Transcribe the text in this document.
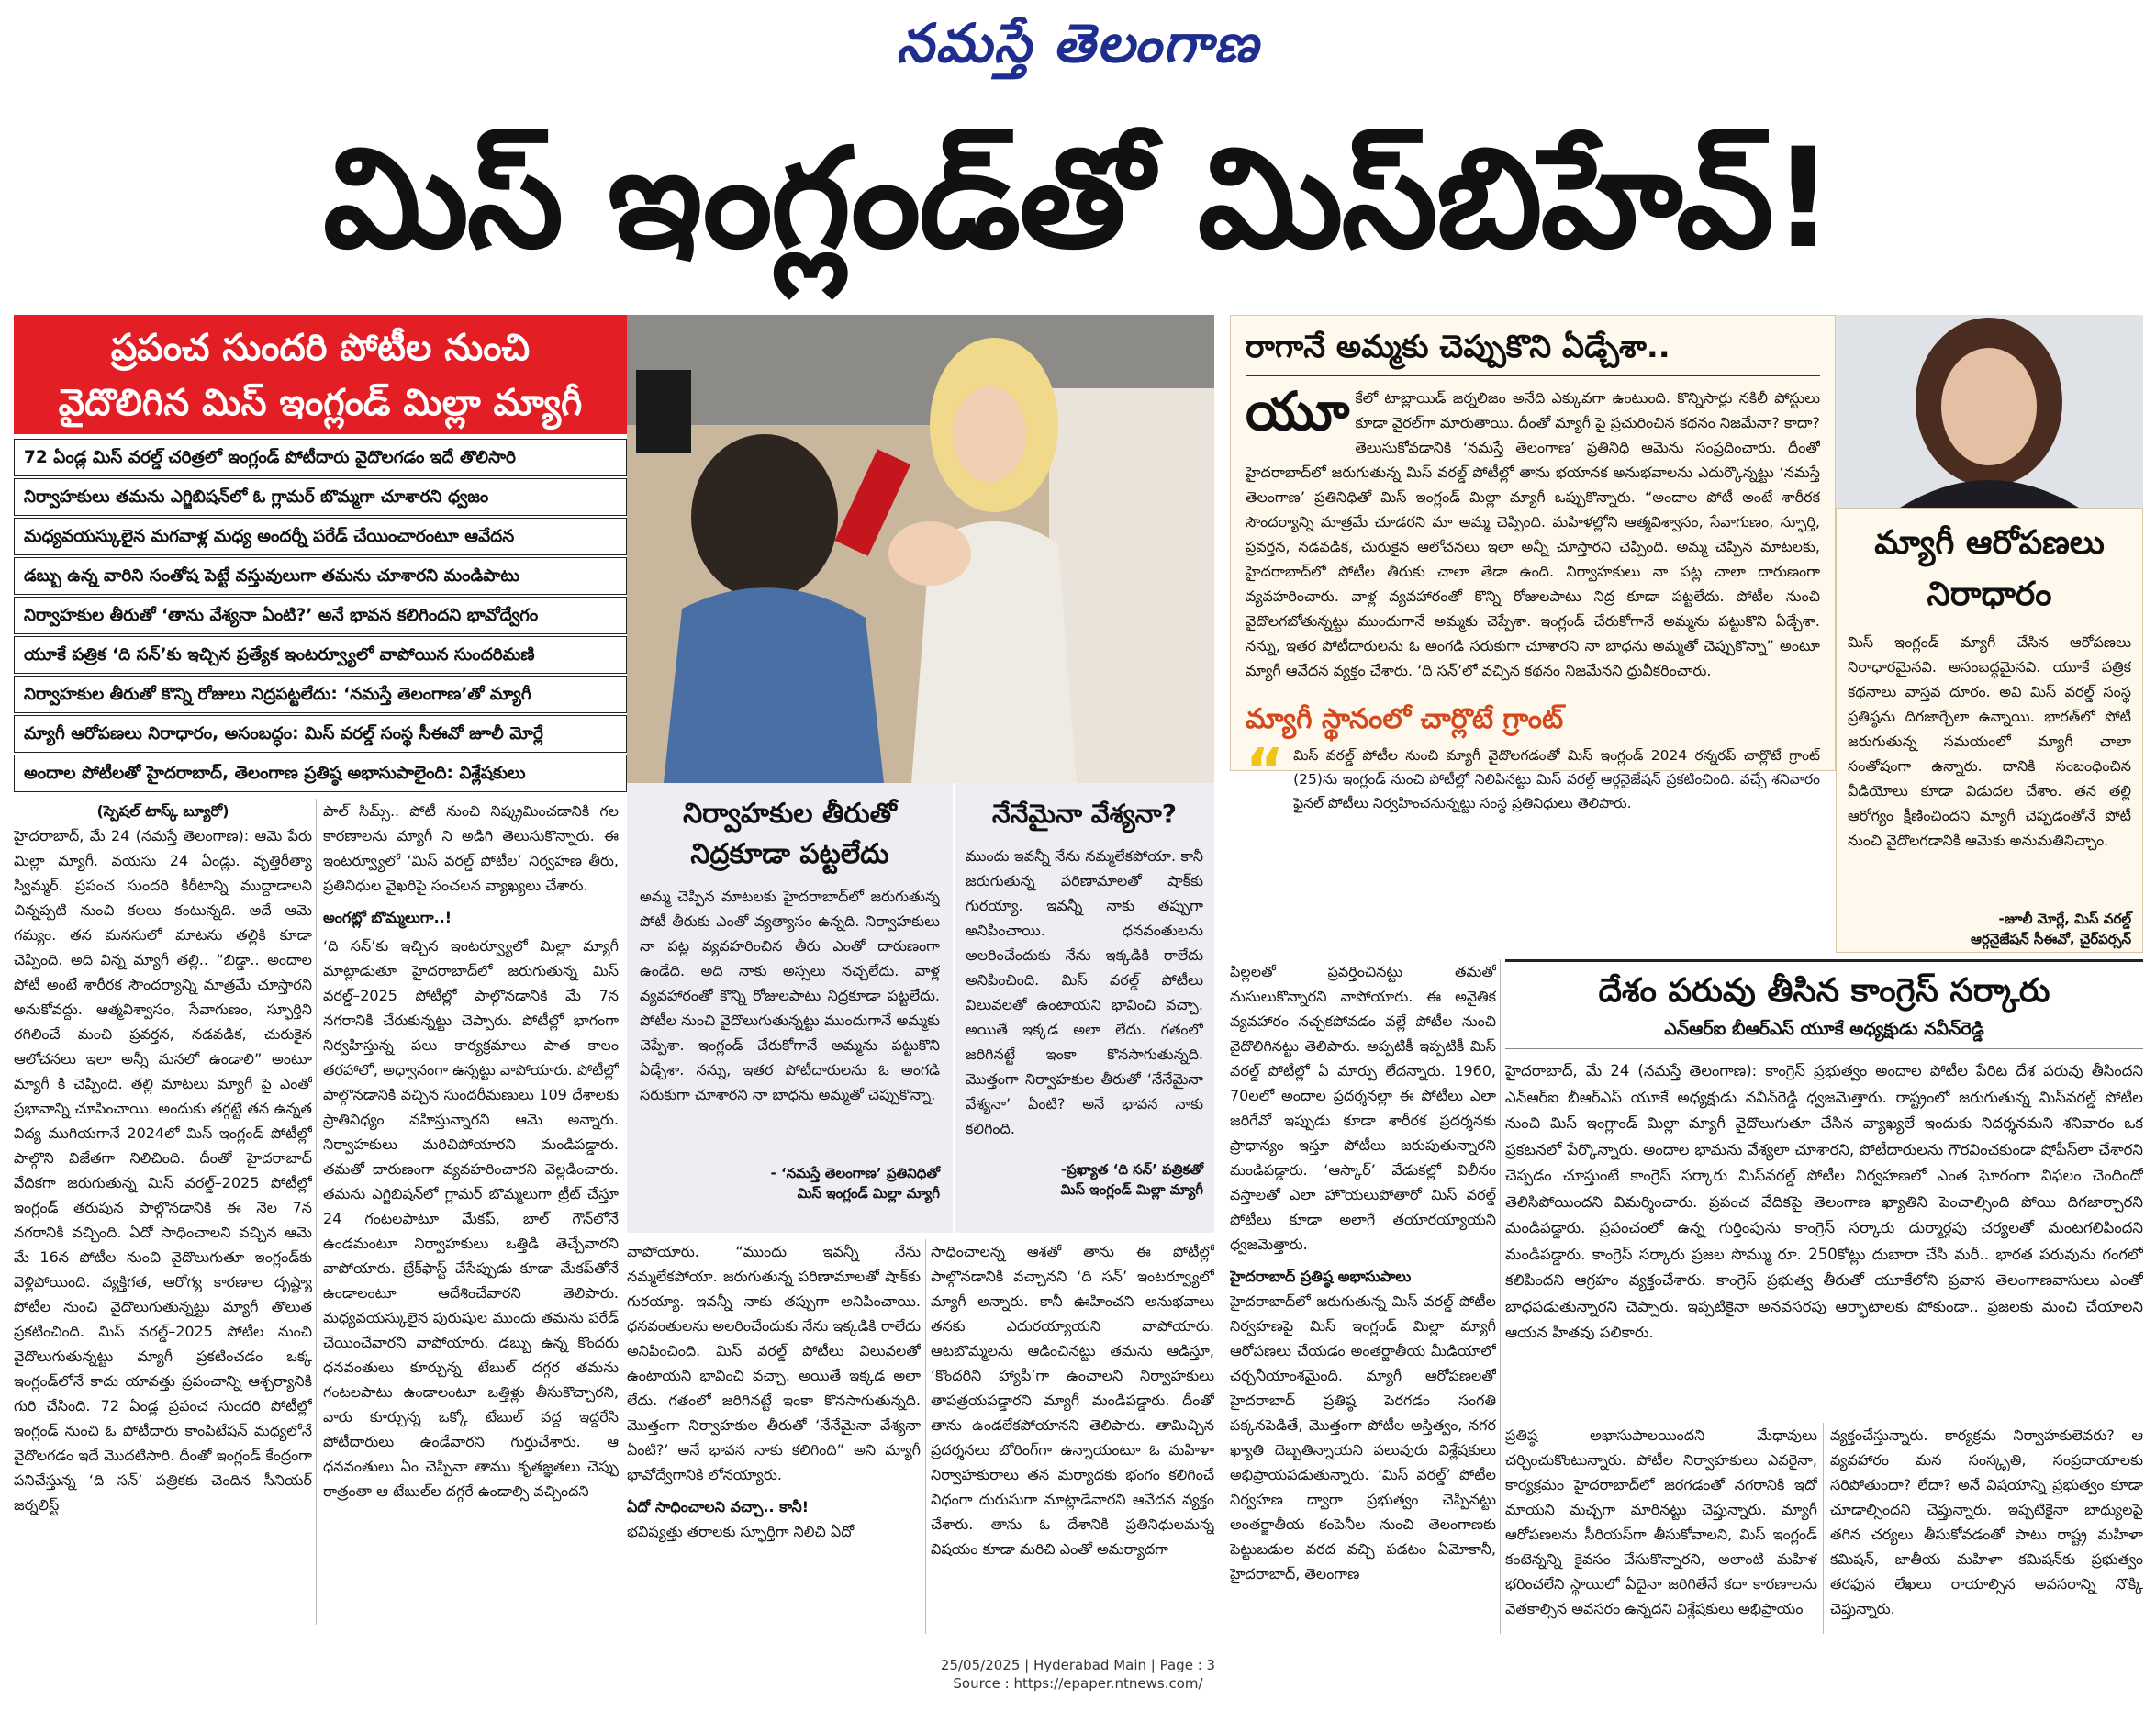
నమస్తే తెలంగాణ
మిస్ ఇంగ్లండ్‌తో మిస్‌బిహేవ్!
ప్రపంచ సుందరి పోటీల నుంచి
వైదొలిగిన మిస్ ఇంగ్లండ్ మిల్లా మ్యాగీ
72 ఏండ్ల మిస్ వరల్డ్ చరిత్రలో ఇంగ్లండ్ పోటీదారు వైదొలగడం ఇదే తొలిసారి
నిర్వాహకులు తమను ఎగ్జిబిషన్‌లో ఓ గ్లామర్ బొమ్మగా చూశారని ధ్వజం
మధ్యవయస్కులైన మగవాళ్ల మధ్య అందర్నీ పరేడ్ చేయించారంటూ ఆవేదన
డబ్బు ఉన్న వారిని సంతోష పెట్టే వస్తువులుగా తమను చూశారని మండిపాటు
నిర్వాహకుల తీరుతో ‘తాను వేశ్యనా ఏంటి?’ అనే భావన కలిగిందని భావోద్వేగం
యూకే పత్రిక ‘ది సన్’కు ఇచ్చిన ప్రత్యేక ఇంటర్వ్యూలో వాపోయిన సుందరిమణి
నిర్వాహకుల తీరుతో కొన్ని రోజులు నిద్రపట్టలేదు: ‘నమస్తే తెలంగాణ’తో మ్యాగీ
మ్యాగీ ఆరోపణలు నిరాధారం, అసంబద్ధం: మిస్ వరల్డ్ సంస్థ సీఈవో జూలీ మోర్లే
అందాల పోటీలతో హైదరాబాద్, తెలంగాణ ప్రతిష్ఠ అభాసుపాలైంది: విశ్లేషకులు

(స్పెషల్ టాస్క్ బ్యూరో)

హైదరాబాద్, మే 24 (నమస్తే తెలంగాణ): ఆమె పేరు మిల్లా మ్యాగీ. వయసు 24 ఏండ్లు. వృత్తిరీత్యా స్విమ్మర్. ప్రపంచ సుందరి కిరీటాన్ని ముద్దాడాలని చిన్నప్పటి నుంచి కలలు కంటున్నది. అదే ఆమె గమ్యం. తన మనసులో మాటను తల్లికి కూడా చెప్పింది. అది విన్న మ్యాగీ తల్లి.. “బిడ్డా.. అందాల పోటీ అంటే శారీరక సౌందర్యాన్ని మాత్రమే చూస్తారని అనుకోవద్దు. ఆత్మవిశ్వాసం, సేవాగుణం, స్ఫూర్తిని రగిలించే మంచి ప్రవర్తన, నడవడిక, చురుకైన ఆలోచనలు ఇలా అన్నీ మనలో ఉండాలి” అంటూ మ్యాగీ కి చెప్పింది. తల్లి మాటలు మ్యాగీ పై ఎంతో ప్రభావాన్ని చూపించాయి. అందుకు తగ్గట్టే తన ఉన్నత విద్య ముగియగానే 2024లో మిస్ ఇంగ్లండ్ పోటీల్లో పాల్గొని విజేతగా నిలిచింది. దీంతో హైదరాబాద్ వేదికగా జరుగుతున్న మిస్ వరల్డ్–2025 పోటీల్లో ఇంగ్లండ్ తరుపున పాల్గొనడానికి ఈ నెల 7న నగరానికి వచ్చింది. ఏదో సాధించాలని వచ్చిన ఆమె మే 16న పోటీల నుంచి వైదొలుగుతూ ఇంగ్లండ్‌కు వెళ్లిపోయింది. వ్యక్తిగత, ఆరోగ్య కారణాల దృష్ట్యా పోటీల నుంచి వైదొలుగుతున్నట్టు మ్యాగీ తొలుత ప్రకటించింది. మిస్ వరల్డ్–2025 పోటీల నుంచి వైదొలుగుతున్నట్టు మ్యాగీ ప్రకటించడం ఒక్క ఇంగ్లండ్‌లోనే కాదు యావత్తు ప్రపంచాన్ని ఆశ్చర్యానికి గురి చేసింది. 72 ఏండ్ల ప్రపంచ సుందరి పోటీల్లో ఇంగ్లండ్ నుంచి ఓ పోటీదారు కాంపిటేషన్ మధ్యలోనే వైదొలగడం ఇదే మొదటిసారి. దీంతో ఇంగ్లండ్ కేంద్రంగా పనిచేస్తున్న ‘ది సన్’ పత్రికకు చెందిన సీనియర్ జర్నలిస్ట్

పాల్ సిమ్స్.. పోటీ నుంచి నిష్క్రమించడానికి గల కారణాలను మ్యాగీ ని అడిగి తెలుసుకొన్నారు. ఈ ఇంటర్వ్యూలో ‘మిస్ వరల్డ్ పోటీల’ నిర్వహణ తీరు, ప్రతినిధుల వైఖరిపై సంచలన వ్యాఖ్యలు చేశారు.

అంగట్లో బొమ్మలుగా..!

‘ది సన్’కు ఇచ్చిన ఇంటర్వ్యూలో మిల్లా మ్యాగీ మాట్లాడుతూ హైదరాబాద్‌లో జరుగుతున్న మిస్ వరల్డ్–2025 పోటీల్లో పాల్గొనడానికి మే 7న నగరానికి చేరుకున్నట్టు చెప్పారు. పోటీల్లో భాగంగా నిర్వహిస్తున్న పలు కార్యక్రమాలు పాత కాలం తరహాలో, అధ్వానంగా ఉన్నట్టు వాపోయారు. పోటీల్లో పాల్గొనడానికి వచ్చిన సుందరీమణులు 109 దేశాలకు ప్రాతినిధ్యం వహిస్తున్నారని ఆమె అన్నారు. నిర్వాహకులు మరిచిపోయారని మండిపడ్డారు. తమతో దారుణంగా వ్యవహరించారని వెల్లడించారు. తమను ఎగ్జిబిషన్‌లో గ్లామర్ బొమ్మలుగా ట్రీట్ చేస్తూ 24 గంటలపాటూ మేకప్, బాల్ గౌన్‌లోనే ఉండమంటూ నిర్వాహకులు ఒత్తిడి తెచ్చేవారని వాపోయారు. బ్రేక్‌ఫాస్ట్ చేసేప్పుడు కూడా మేకప్‌తోనే ఉండాలంటూ ఆదేశించేవారని తెలిపారు. మధ్యవయస్కులైన పురుషుల ముందు తమను పరేడ్ చేయించేవారని వాపోయారు. డబ్బు ఉన్న కొందరు ధనవంతులు కూర్చున్న టేబుల్ దగ్గర తమను గంటలపాటు ఉండాలంటూ ఒత్తిళ్లు తీసుకొచ్చారని, వారు కూర్చున్న ఒక్కో టేబుల్ వద్ద ఇద్దరేసి పోటీదారులు ఉండేవారని గుర్తుచేశారు. ఆ ధనవంతులు ఏం చెప్పినా తాము కృతజ్ఞతలు చెప్పు రాత్రంతా ఆ టేబుల్‌ల దగ్గరే ఉండాల్సి వచ్చిందని

నిర్వాహకుల తీరుతో నిద్రకూడా పట్టలేదు
అమ్మ చెప్పిన మాటలకు హైదరాబాద్‌లో జరుగుతున్న పోటీ తీరుకు ఎంతో వ్యత్యాసం ఉన్నది. నిర్వాహకులు నా పట్ల వ్యవహరించిన తీరు ఎంతో దారుణంగా ఉండేది. అది నాకు అస్సలు నచ్చలేదు. వాళ్ల వ్యవహారంతో కొన్ని రోజులపాటు నిద్రకూడా పట్టలేదు. పోటీల నుంచి వైదొలుగుతున్నట్టు ముందుగానే అమ్మకు చెప్పేశా. ఇంగ్లండ్ చేరుకోగానే అమ్మను పట్టుకొని ఏడ్చేశా. నన్ను, ఇతర పోటీదారులను ఓ అంగడి సరుకుగా చూశారని నా బాధను అమ్మతో చెప్పుకొన్నా.
- ‘నమస్తే తెలంగాణ’ ప్రతినిధితో
మిస్ ఇంగ్లండ్ మిల్లా మ్యాగీ
నేనేమైనా వేశ్యనా?
ముందు ఇవన్నీ నేను నమ్మలేకపోయా. కానీ జరుగుతున్న పరిణామాలతో షాక్‌కు గురయ్యా. ఇవన్నీ నాకు తప్పుగా అనిపించాయి. ధనవంతులను అలరించేందుకు నేను ఇక్కడికి రాలేదు అనిపించింది. మిస్ వరల్డ్ పోటీలు విలువలతో ఉంటాయని భావించి వచ్చా. అయితే ఇక్కడ అలా లేదు. గతంలో జరిగినట్టే ఇంకా కొనసాగుతున్నది. మొత్తంగా నిర్వాహకుల తీరుతో ‘నేనేమైనా వేశ్యనా’ ఏంటి? అనే భావన నాకు కలిగింది.
-ప్రఖ్యాత ‘ది సన్’ పత్రికతో
మిస్ ఇంగ్లండ్ మిల్లా మ్యాగీ

వాపోయారు. “ముందు ఇవన్నీ నేను నమ్మలేకపోయా. జరుగుతున్న పరిణామాలతో షాక్‌కు గురయ్యా. ఇవన్నీ నాకు తప్పుగా అనిపించాయి. ధనవంతులను అలరించేందుకు నేను ఇక్కడికి రాలేదు అనిపించింది. మిస్ వరల్డ్ పోటీలు విలువలతో ఉంటాయని భావించి వచ్చా. అయితే ఇక్కడ అలా లేదు. గతంలో జరిగినట్టే ఇంకా కొనసాగుతున్నది. మొత్తంగా నిర్వాహకుల తీరుతో ‘నేనేమైనా వేశ్యనా ఏంటి?’ అనే భావన నాకు కలిగింది” అని మ్యాగీ భావోద్వేగానికి లోనయ్యారు.

ఏదో సాధించాలని వచ్చా.. కానీ!

భవిష్యత్తు తరాలకు స్ఫూర్తిగా నిలిచి ఏదో

సాధించాలన్న ఆశతో తాను ఈ పోటీల్లో పాల్గొనడానికి వచ్చానని ‘ది సన్’ ఇంటర్వ్యూలో మ్యాగీ అన్నారు. కానీ ఊహించని అనుభవాలు తనకు ఎదురయ్యాయని వాపోయారు. ఆటబొమ్మలను ఆడించినట్టు తమను ఆడిస్తూ, ‘కొందరిని హ్యాపీ’గా ఉంచాలని నిర్వాహకులు తాపత్రయపడ్డారని మ్యాగీ మండిపడ్డారు. దీంతో తాను ఉండలేకపోయానని తెలిపారు. తామిచ్చిన ప్రదర్శనలు బోరింగ్‌గా ఉన్నాయంటూ ఓ మహిళా నిర్వాహకురాలు తన మర్యాదకు భంగం కలిగించే విధంగా దురుసుగా మాట్లాడేవారని ఆవేదన వ్యక్తం చేశారు. తాను ఓ దేశానికి ప్రతినిధులమన్న విషయం కూడా మరిచి ఎంతో అమర్యాదగా

రాగానే అమ్మకు చెప్పుకొని ఏడ్చేశా..
యూ కేలో టాబ్లాయిడ్ జర్నలిజం అనేది ఎక్కువగా ఉంటుంది. కొన్నిసార్లు నకిలీ పోస్టులు కూడా వైరల్‌గా మారుతాయి. దీంతో మ్యాగీ పై ప్రచురించిన కథనం నిజమేనా? కాదా? తెలుసుకోవడానికి ‘నమస్తే తెలంగాణ’ ప్రతినిధి ఆమెను సంప్రదించారు. దీంతో హైదరాబాద్‌లో జరుగుతున్న మిస్ వరల్డ్ పోటీల్లో తాను భయానక అనుభవాలను ఎదుర్కొన్నట్టు ‘నమస్తే తెలంగాణ’ ప్రతినిధితో మిస్ ఇంగ్లండ్ మిల్లా మ్యాగీ ఒప్పుకొన్నారు. “అందాల పోటీ అంటే శారీరక సౌందర్యాన్ని మాత్రమే చూడరని మా అమ్మ చెప్పింది. మహిళల్లోని ఆత్మవిశ్వాసం, సేవాగుణం, స్ఫూర్తి, ప్రవర్తన, నడవడిక, చురుకైన ఆలోచనలు ఇలా అన్నీ చూస్తారని చెప్పింది. అమ్మ చెప్పిన మాటలకు, హైదరాబాద్‌లో పోటీల తీరుకు చాలా తేడా ఉంది. నిర్వాహకులు నా పట్ల చాలా దారుణంగా వ్యవహరించారు. వాళ్ల వ్యవహారంతో కొన్ని రోజులపాటు నిద్ర కూడా పట్టలేదు. పోటీల నుంచి వైదొలగబోతున్నట్టు ముందుగానే అమ్మకు చెప్పేశా. ఇంగ్లండ్ చేరుకోగానే అమ్మను పట్టుకొని ఏడ్చేశా. నన్ను, ఇతర పోటీదారులను ఓ అంగడి సరుకుగా చూశారని నా బాధను అమ్మతో చెప్పుకొన్నా” అంటూ మ్యాగీ ఆవేదన వ్యక్తం చేశారు. ‘ది సన్’లో వచ్చిన కథనం నిజమేనని ధ్రువీకరించారు.
మ్యాగీ స్థానంలో చార్లొటే గ్రాంట్
“ మిస్ వరల్డ్ పోటీల నుంచి మ్యాగీ వైదొలగడంతో మిస్ ఇంగ్లండ్ 2024 రన్నరప్ చార్లొటే గ్రాంట్ (25)ను ఇంగ్లండ్ నుంచి పోటీల్లో నిలిపినట్టు మిస్ వరల్డ్ ఆర్గనైజేషన్ ప్రకటించింది. వచ్చే శనివారం ఫైనల్ పోటీలు నిర్వహించనున్నట్టు సంస్థ ప్రతినిధులు తెలిపారు.
మ్యాగీ ఆరోపణలు నిరాధారం
మిస్ ఇంగ్లండ్ మ్యాగీ చేసిన ఆరోపణలు నిరాధారమైనవి. అసంబద్ధమైనవి. యూకే పత్రిక కథనాలు వాస్తవ దూరం. అవి మిస్ వరల్డ్ సంస్థ ప్రతిష్ఠను దిగజార్చేలా ఉన్నాయి. భారత్‌లో పోటీ జరుగుతున్న సమయంలో మ్యాగీ చాలా సంతోషంగా ఉన్నారు. దానికి సంబంధించిన వీడియోలు కూడా విడుదల చేశాం. తన తల్లి ఆరోగ్యం క్షీణించిందని మ్యాగీ చెప్పడంతోనే పోటీ నుంచి వైదొలగడానికి ఆమెకు అనుమతినిచ్చాం.
-జూలీ మోర్లే, మిస్ వరల్డ్
ఆర్గనైజేషన్ సీఈవో, చైర్‌పర్సన్

పిల్లలతో ప్రవర్తించినట్టు తమతో మసులుకొన్నారని వాపోయారు. ఈ అనైతిక వ్యవహారం నచ్చకపోవడం వల్లే పోటీల నుంచి వైదొలిగినట్టు తెలిపారు. అప్పటికీ ఇప్పటికీ మిస్ వరల్డ్ పోటీల్లో ఏ మార్పు లేదన్నారు. 1960, 70లలో అందాల ప్రదర్శనల్లా ఈ పోటీలు ఎలా జరిగేవో ఇప్పుడు కూడా శారీరక ప్రదర్శనకు ప్రాధాన్యం ఇస్తూ పోటీలు జరుపుతున్నారని మండిపడ్డారు. ‘ఆస్కార్’ వేడుకల్లో విలీనం వస్తాలతో ఎలా హొయలుపోతారో మిస్ వరల్డ్ పోటీలు కూడా అలాగే తయారయ్యాయని ధ్వజమెత్తారు.

హైదరాబాద్ ప్రతిష్ఠ అభాసుపాలు

హైదరాబాద్‌లో జరుగుతున్న మిస్ వరల్డ్ పోటీల నిర్వహణపై మిస్ ఇంగ్లండ్ మిల్లా మ్యాగీ ఆరోపణలు చేయడం అంతర్జాతీయ మీడియాలో చర్చనీయాంశమైంది. మ్యాగీ ఆరోపణలతో హైదరాబాద్ ప్రతిష్ఠ పెరగడం సంగతి పక్కనపెడితే, మొత్తంగా పోటీల అస్తిత్వం, నగర ఖ్యాతి దెబ్బతిన్నాయని పలువురు విశ్లేషకులు అభిప్రాయపడుతున్నారు. ‘మిస్ వరల్డ్’ పోటీల నిర్వహణ ద్వారా ప్రభుత్వం చెప్పినట్టు అంతర్జాతీయ కంపెనీల నుంచి తెలంగాణకు పెట్టుబడుల వరద వచ్చి పడటం ఏమోకానీ, హైదరాబాద్, తెలంగాణ

దేశం పరువు తీసిన కాంగ్రెస్ సర్కారు
ఎన్‌ఆర్‌ఐ బీఆర్‌ఎస్ యూకే అధ్యక్షుడు నవీన్‌రెడ్డి
హైదరాబాద్, మే 24 (నమస్తే తెలంగాణ): కాంగ్రెస్ ప్రభుత్వం అందాల పోటీల పేరిట దేశ పరువు తీసిందని ఎన్‌ఆర్‌ఐ బీఆర్‌ఎస్ యూకే అధ్యక్షుడు నవీన్‌రెడ్డి ధ్వజమెత్తారు. రాష్ట్రంలో జరుగుతున్న మిస్‌వరల్డ్ పోటీల నుంచి మిస్ ఇంగ్లాండ్ మిల్లా మ్యాగీ వైదొలుగుతూ చేసిన వ్యాఖ్యలే ఇందుకు నిదర్శనమని శనివారం ఒక ప్రకటనలో పేర్కొన్నారు. అందాల భామను వేశ్యలా చూశారని, పోటీదారులను గౌరవించకుండా షోపీస్‌లా చేశారని చెప్పడం చూస్తుంటే కాంగ్రెస్ సర్కారు మిస్‌వరల్డ్ పోటీల నిర్వహణలో ఎంత ఘోరంగా విఫలం చెందిందో తెలిసిపోయిందని విమర్శించారు. ప్రపంచ వేదికపై తెలంగాణ ఖ్యాతిని పెంచాల్సింది పోయి దిగజార్చారని మండిపడ్డారు. ప్రపంచంలో ఉన్న గుర్తింపును కాంగ్రెస్ సర్కారు దుర్మార్గపు చర్యలతో మంటగలిపిందని మండిపడ్డారు. కాంగ్రెస్ సర్కారు ప్రజల సొమ్ము రూ. 250కోట్లు దుబారా చేసి మరీ.. భారత పరువును గంగలో కలిపిందని ఆగ్రహం వ్యక్తంచేశారు. కాంగ్రెస్ ప్రభుత్వ తీరుతో యూకేలోని ప్రవాస తెలంగాణవాసులు ఎంతో బాధపడుతున్నారని చెప్పారు. ఇప్పటికైనా అనవసరపు ఆర్భాటాలకు పోకుండా.. ప్రజలకు మంచి చేయాలని ఆయన హితవు పలికారు.

ప్రతిష్ఠ అభాసుపాలయిందని మేధావులు చర్చించుకొంటున్నారు. పోటీల నిర్వాహకులు ఎవరైనా, కార్యక్రమం హైదరాబాద్‌లో జరగడంతో నగరానికి ఇదో మాయని మచ్చగా మారినట్టు చెప్తున్నారు. మ్యాగీ ఆరోపణలను సీరియస్‌గా తీసుకోవాలని, మిస్ ఇంగ్లండ్ కంటెన్నన్ని కైవసం చేసుకొన్నారని, అలాంటి మహిళ భరించలేని స్థాయిలో ఏదైనా జరిగితేనే కదా కారణాలను వెతకాల్సిన అవసరం ఉన్నదని విశ్లేషకులు అభిప్రాయం

వ్యక్తంచేస్తున్నారు. కార్యక్రమ నిర్వాహకులెవరు? ఆ వ్యవహారం మన సంస్కృతి, సంప్రదాయాలకు సరిపోతుందా? లేదా? అనే విషయాన్ని ప్రభుత్వం కూడా చూడాల్సిందని చెప్తున్నారు. ఇప్పటికైనా బాధ్యులపై తగిన చర్యలు తీసుకోవడంతో పాటు రాష్ట్ర మహిళా కమిషన్, జాతీయ మహిళా కమిషన్‌కు ప్రభుత్వం తరఫున లేఖలు రాయాల్సిన అవసరాన్ని నొక్కి చెప్తున్నారు.

25/05/2025 | Hyderabad Main | Page : 3
Source : https://epaper.ntnews.com/
